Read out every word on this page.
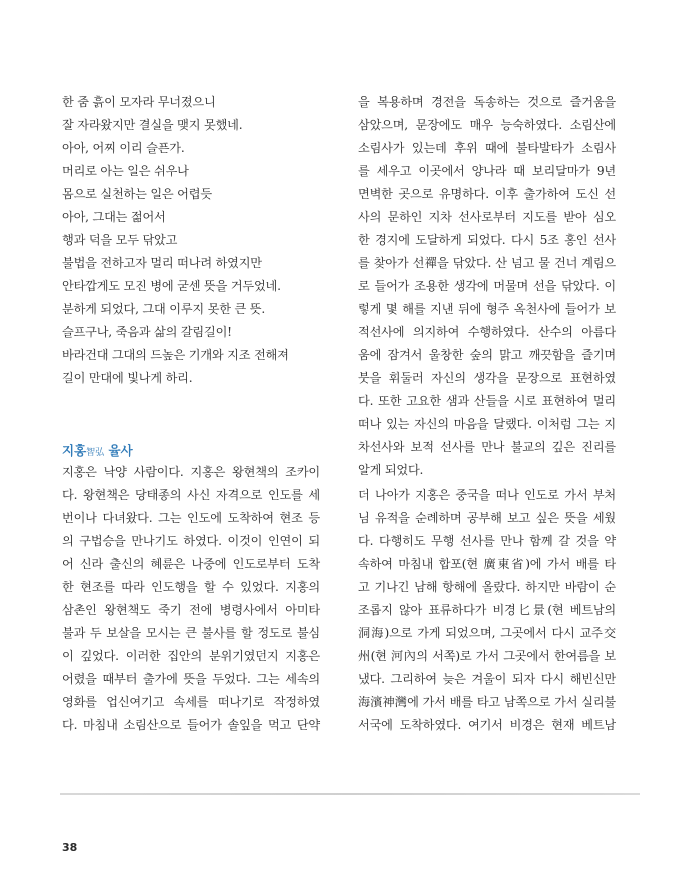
한 줌 흙이 모자라 무너졌으니
잘 자라왔지만 결실을 맺지 못했네.
아아, 어찌 이리 슬픈가.
머리로 아는 일은 쉬우나
몸으로 실천하는 일은 어렵듯
아아, 그대는 젊어서
행과 덕을 모두 닦았고
불법을 전하고자 멀리 떠나려 하였지만
안타깝게도 모진 병에 굳센 뜻을 거두었네.
분하게 되었다, 그대 이루지 못한 큰 뜻.
슬프구나, 죽음과 삶의 갈림길이!
바라건대 그대의 드높은 기개와 지조 전해져
길이 만대에 빛나게 하리.
지홍智弘 율사
지홍은 낙양 사람이다. 지홍은 왕현책의 조카이
다. 왕현책은 당태종의 사신 자격으로 인도를 세
번이나 다녀왔다. 그는 인도에 도착하여 현조 등
의 구법승을 만나기도 하였다. 이것이 인연이 되
어 신라 출신의 혜륜은 나중에 인도로부터 도착
한 현조를 따라 인도행을 할 수 있었다. 지홍의
삼촌인 왕현책도 죽기 전에 병령사에서 아미타
불과 두 보살을 모시는 큰 불사를 할 정도로 불심
이 깊었다. 이러한 집안의 분위기였던지 지홍은
어렸을 때부터 출가에 뜻을 두었다. 그는 세속의
영화를 업신여기고 속세를 떠나기로 작정하였
다. 마침내 소림산으로 들어가 솔잎을 먹고 단약
을 복용하며 경전을 독송하는 것으로 즐거움을
삼았으며, 문장에도 매우 능숙하였다. 소림산에
소림사가 있는데 후위 때에 불타발타가 소림사
를 세우고 이곳에서 양나라 때 보리달마가 9년
면벽한 곳으로 유명하다. 이후 출가하여 도신 선
사의 문하인 지차 선사로부터 지도를 받아 심오
한 경지에 도달하게 되었다. 다시 5조 홍인 선사
를 찾아가 선禪을 닦았다. 산 넘고 물 건너 계림으
로 들어가 조용한 생각에 머물며 선을 닦았다. 이
렇게 몇 해를 지낸 뒤에 형주 옥천사에 들어가 보
적선사에 의지하여 수행하였다. 산수의 아름다
움에 잠겨서 울창한 숲의 맑고 깨끗함을 즐기며
붓을 휘둘러 자신의 생각을 문장으로 표현하였
다. 또한 고요한 샘과 산들을 시로 표현하여 멀리
떠나 있는 자신의 마음을 달랬다. 이처럼 그는 지
차선사와 보적 선사를 만나 불교의 깊은 진리를
알게 되었다.
더 나아가 지홍은 중국을 떠나 인도로 가서 부처
님 유적을 순례하며 공부해 보고 싶은 뜻을 세웠
다. 다행히도 무행 선사를 만나 함께 갈 것을 약
속하여 마침내 합포(현 廣東省)에 가서 배를 타
고 기나긴 남해 항해에 올랐다. 하지만 바람이 순
조롭지 않아 표류하다가 비경匕景(현 베트남의
洞海)으로 가게 되었으며, 그곳에서 다시 교주交
州(현 河內의 서쪽)로 가서 그곳에서 한여름을 보
냈다. 그리하여 늦은 겨울이 되자 다시 해빈신만
海濱神灣에 가서 배를 타고 남쪽으로 가서 실리불
서국에 도착하였다. 여기서 비경은 현재 베트남
38
